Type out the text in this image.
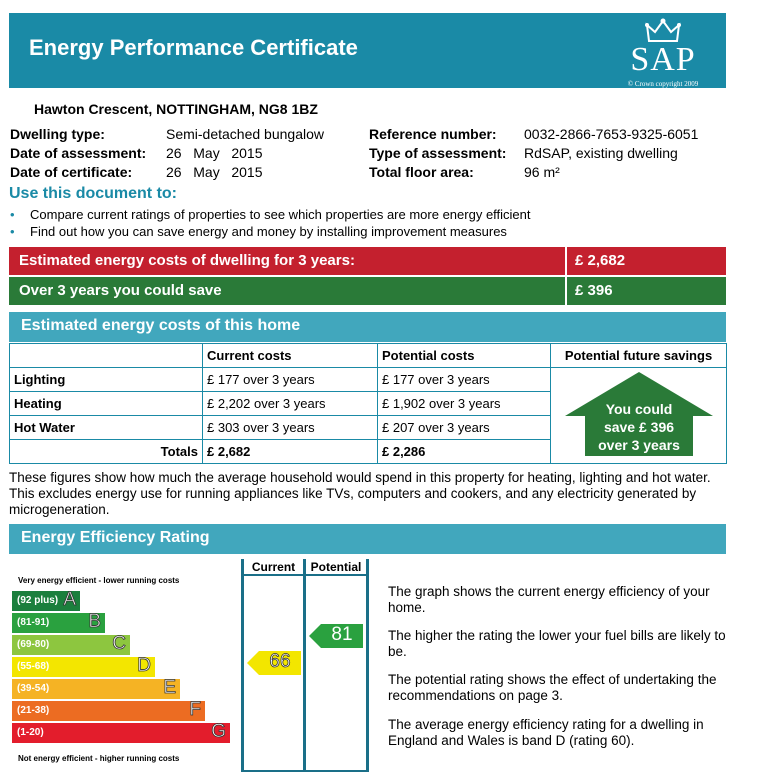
Energy Performance Certificate	SAP
© Crown copyright 2009
Hawton Crescent, NOTTINGHAM, NG8 1BZ
Dwelling type:	Semi-detached bungalow
Date of assessment: 26   May   2015
Date of certificate: 26   May   2015
Reference number: 0032-2866-7653-9325-6051
Type of assessment: RdSAP, existing dwelling
Total floor area:	96 m²
Use this document to:
• Compare current ratings of properties to see which properties are more energy efficient
• Find out how you can save energy and money by installing improvement measures
Estimated energy costs of dwelling for 3 years:	£ 2,682
Over 3 years you could save	£ 396
Estimated energy costs of this home
	Current costs	Potential costs	Potential future savings
Lighting	£ 177 over 3 years	£ 177 over 3 years	You could
save £ 396
over 3 years

Heating	£ 2,202 over 3 years	£ 1,902 over 3 years	
Hot Water	£ 303 over 3 years	£ 207 over 3 years	
Totals	£ 2,682	£ 2,286	
These figures show how much the average household would spend in this property for heating, lighting and hot water. This excludes energy use for running appliances like TVs, computers and cookers, and any electricity generated by microgeneration.
Energy Efficiency Rating
Current	Potential
Very energy efficient - lower running costs
Not energy efficient - higher running costs
(92 plus) A
(81-91) B
(69-80)	C
(55-68)	D
(39-54)	E
(21-38)	F
(1-20)	G
66
81
The graph shows the current energy efficiency of your home.
The higher the rating the lower your fuel bills are likely to be.
The potential rating shows the effect of undertaking the recommendations on page 3.
The average energy efficiency rating for a dwelling in England and Wales is band D (rating 60).
